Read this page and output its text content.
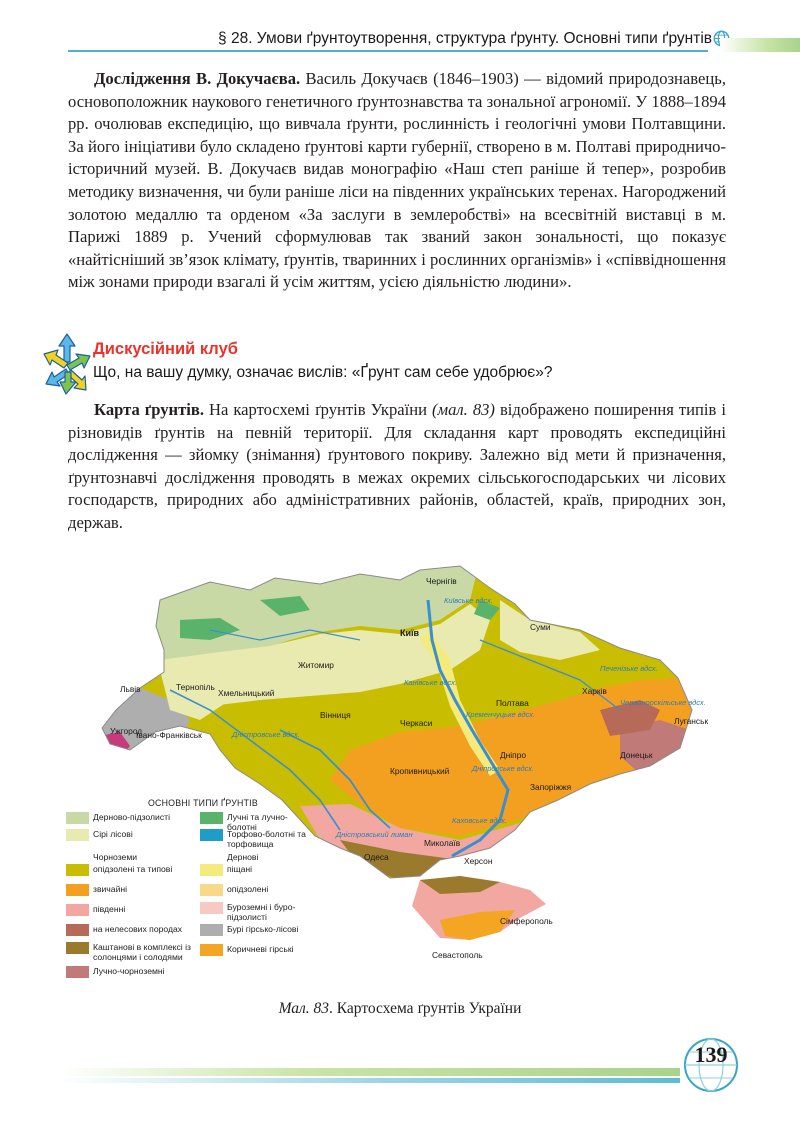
§ 28. Умови ґрунтоутворення, структура ґрунту. Основні типи ґрунтів

Дослідження В. Докучаєва. Василь Докучаєв (1846–1903) — відомий природознавець, основоположник наукового генетичного ґрунтознавства та зональної агрономії. У 1888–1894 рр. очолював експедицію, що вивчала ґрунти, рослинність і геологічні умови Полтавщини. За його ініціативи було складено ґрунтові карти губернії, створено в м. Полтаві природничо-історичний музей. В. Докучаєв видав монографію «Наш степ раніше й тепер», розробив методику визначення, чи були раніше ліси на південних українських теренах. Нагороджений золотою медаллю та орденом «За заслуги в землеробстві» на всесвітній виставці в м. Парижі 1889 р. Учений сформулював так званий закон зональності, що показує «найтісніший зв’язок клімату, ґрунтів, тваринних і рослинних організмів» і «співвідношення між зонами природи взагалі й усім життям, усією діяльністю людини».

Дискусійний клуб
Що, на вашу думку, означає вислів: «Ґрунт сам себе удобрює»?

Карта ґрунтів. На картосхемі ґрунтів України (мал. 83) відображено поширення типів і різновидів ґрунтів на певній території. Для складання карт проводять експедиційні дослідження — зйомку (знімання) ґрунтового покриву. Залежно від мети й призначення, ґрунтознавчі дослідження проводять в межах окремих сільськогосподарських чи лісових господарств, природних або адміністративних районів, областей, країв, природних зон, держав.

Київ
Чернігів
Суми
Харків
Полтава
Луганськ
Донецьк
Дніпро
Запоріжжя
Кропивницький
Черкаси
Вінниця
Житомир
Хмельницький
Тернопіль
Львів
Івано-Франківськ
Ужгород
Миколаїв
Херсон
Одеса
Сімферополь
Севастополь
Канівське вдсх.
Кременчуцьке вдсх.
Дніпровське вдсх.
Каховське вдсх.
Дністровське вдсх.
Печенізьке вдсх.
Червонооскільське вдсх.
Київське вдсх.
Дністровський лиман
ОСНОВНІ ТИПИ ҐРУНТІВ
Дерново-підзолисті
Сірі лісові
Чорноземи
опідзолені та типові
звичайні
південні
на нелесових породах
Каштанові в комплексі із солонцями і солодями
Лучно-чорноземні
Лучні та лучно-болотні
Торфово-болотні та торфовища
Дернові
піщані
опідзолені
Буроземні і буро-підзолисті
Бурі гірсько-лісові
Коричневі гірські
Мал. 83. Картосхема ґрунтів України
139
